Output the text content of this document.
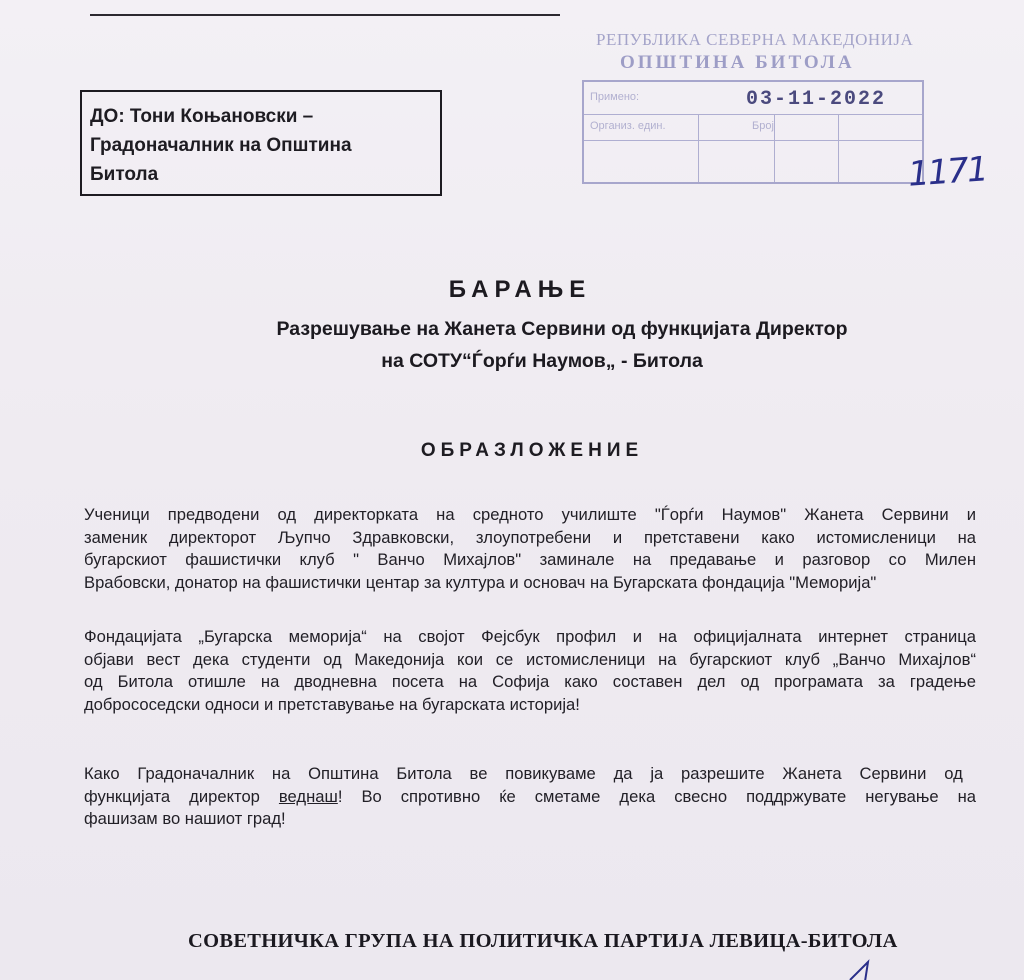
ДО: Тони Коњановски –
Градоначалник на Општина
Битола
РЕПУБЛИКА СЕВЕРНА МАКЕДОНИЈА
ОПШТИНА БИТОЛА
Примено:
Организ. един.	Број
03-11-2022
1171
БАРАЊЕ
Разрешување на Жанета Сервини од функцијата Директор
на СОТУ“Ѓорѓи Наумов„ - Битола
ОБРАЗЛОЖЕНИЕ
Ученици предводени од директорката на средното училиште "Ѓорѓи Наумов" Жанета Сервини и
заменик директорот Љупчо Здравковски, злоупотребени и претставени како истомисленици на
бугарскиот фашистички клуб " Ванчо Михајлов" заминале на предавање и разговор со Милен
Врабовски, донатор на фашистички центар за култура и основач на Бугарската фондација "Меморија"
Фондацијата „Бугарска меморија“ на својот Фејсбук профил и на официјалната интернет страница
објави вест дека студенти од Македонија кои се истомисленици на бугарскиот клуб „Ванчо Михајлов“
од Битола отишле на дводневна посета на Софија како составен дел од програмата за градење
добрососедски односи и претставување на бугарската историја!
Како Градоначалник на Општина Битола ве повикуваме да ја разрешите Жанета Сервини од
функцијата директор веднаш! Во спротивно ќе сметаме дека свесно поддржувате негување на
фашизам во нашиот град!
СОВЕТНИЧКА ГРУПА НА ПОЛИТИЧКА ПАРТИЈА ЛЕВИЦА-БИТОЛА
